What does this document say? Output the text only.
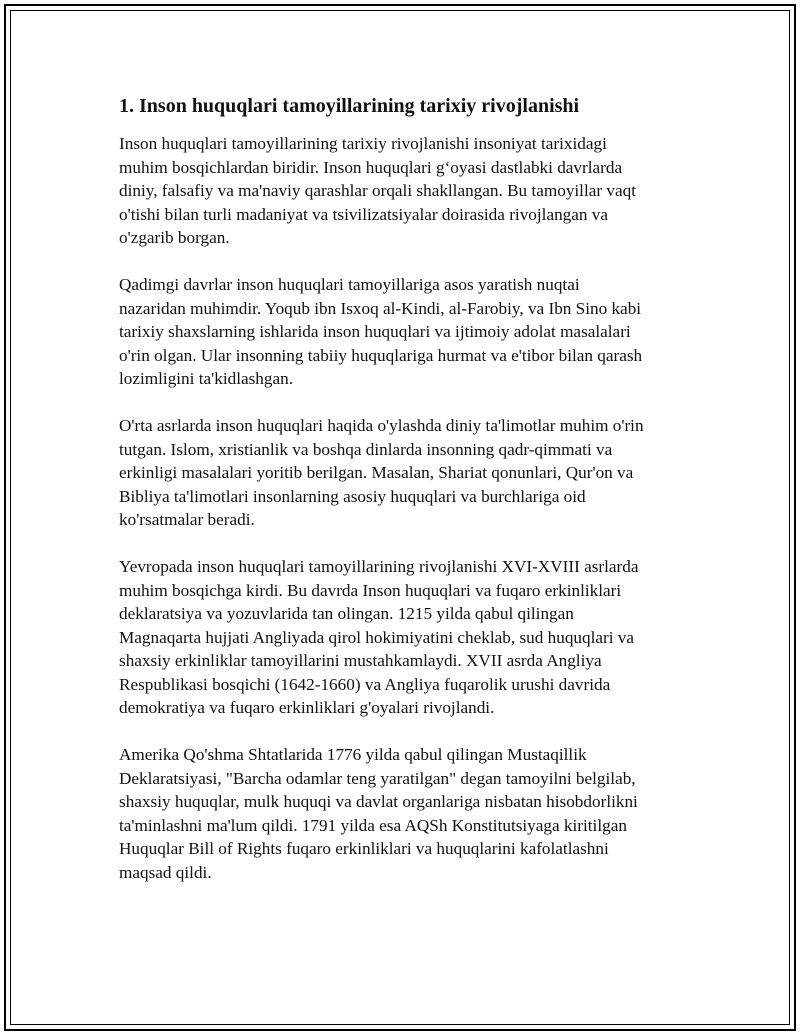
1. Inson huquqlari tamoyillarining tarixiy rivojlanishi

Inson huquqlari tamoyillarining tarixiy rivojlanishi insoniyat tarixidagi
muhim bosqichlardan biridir. Inson huquqlari g‘oyasi dastlabki davrlarda
diniy, falsafiy va ma'naviy qarashlar orqali shakllangan. Bu tamoyillar vaqt
o'tishi bilan turli madaniyat va tsivilizatsiyalar doirasida rivojlangan va
o'zgarib borgan.

Qadimgi davrlar inson huquqlari tamoyillariga asos yaratish nuqtai
nazaridan muhimdir. Yoqub ibn Isxoq al-Kindi, al-Farobiy, va Ibn Sino kabi
tarixiy shaxslarning ishlarida inson huquqlari va ijtimoiy adolat masalalari
o'rin olgan. Ular insonning tabiiy huquqlariga hurmat va e'tibor bilan qarash
lozimligini ta'kidlashgan.

O'rta asrlarda inson huquqlari haqida o'ylashda diniy ta'limotlar muhim o'rin
tutgan. Islom, xristianlik va boshqa dinlarda insonning qadr-qimmati va
erkinligi masalalari yoritib berilgan. Masalan, Shariat qonunlari, Qur'on va
Bibliya ta'limotlari insonlarning asosiy huquqlari va burchlariga oid
ko'rsatmalar beradi.

Yevropada inson huquqlari tamoyillarining rivojlanishi XVI-XVIII asrlarda
muhim bosqichga kirdi. Bu davrda Inson huquqlari va fuqaro erkinliklari
deklaratsiya va yozuvlarida tan olingan. 1215 yilda qabul qilingan
Magnaqarta hujjati Angliyada qirol hokimiyatini cheklab, sud huquqlari va
shaxsiy erkinliklar tamoyillarini mustahkamlaydi. XVII asrda Angliya
Respublikasi bosqichi (1642-1660) va Angliya fuqarolik urushi davrida
demokratiya va fuqaro erkinliklari g'oyalari rivojlandi.

Amerika Qo'shma Shtatlarida 1776 yilda qabul qilingan Mustaqillik
Deklaratsiyasi, "Barcha odamlar teng yaratilgan" degan tamoyilni belgilab,
shaxsiy huquqlar, mulk huquqi va davlat organlariga nisbatan hisobdorlikni
ta'minlashni ma'lum qildi. 1791 yilda esa AQSh Konstitutsiyaga kiritilgan
Huquqlar Bill of Rights fuqaro erkinliklari va huquqlarini kafolatlashni
maqsad qildi.
